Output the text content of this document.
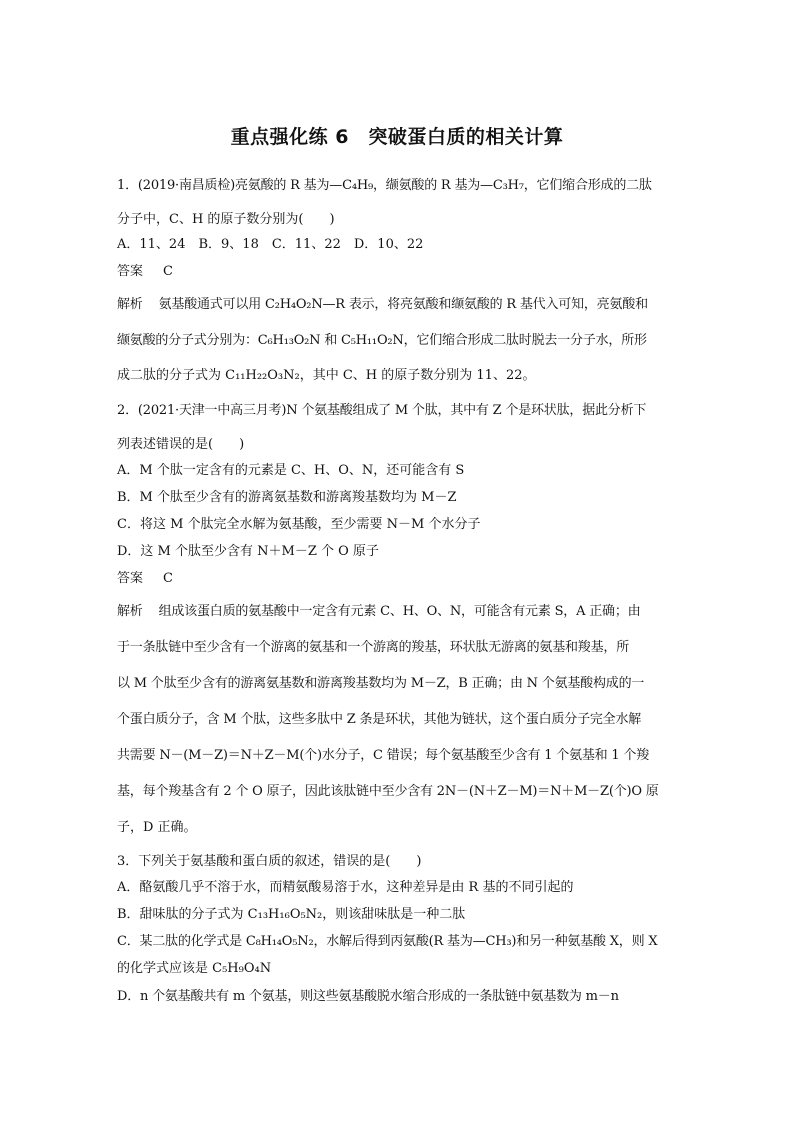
重点强化练 6　突破蛋白质的相关计算
1．(2019·南昌质检)亮氨酸的 R 基为—C₄H₉，缬氨酸的 R 基为—C₃H₇，它们缩合形成的二肽
分子中，C、H 的原子数分别为(　　)
A．11、24　B．9、18　C．11、22　D．10、22
答案 C
解析 氨基酸通式可以用 C₂H₄O₂N—R 表示，将亮氨酸和缬氨酸的 R 基代入可知，亮氨酸和
缬氨酸的分子式分别为：C₆H₁₃O₂N 和 C₅H₁₁O₂N，它们缩合形成二肽时脱去一分子水，所形
成二肽的分子式为 C₁₁H₂₂O₃N₂，其中 C、H 的原子数分别为 11、22。
2．(2021·天津一中高三月考)N 个氨基酸组成了 M 个肽，其中有 Z 个是环状肽，据此分析下
列表述错误的是(　　)
A．M 个肽一定含有的元素是 C、H、O、N，还可能含有 S
B．M 个肽至少含有的游离氨基数和游离羧基数均为 M－Z
C．将这 M 个肽完全水解为氨基酸，至少需要 N－M 个水分子
D．这 M 个肽至少含有 N＋M－Z 个 O 原子
答案 C
解析 组成该蛋白质的氨基酸中一定含有元素 C、H、O、N，可能含有元素 S，A 正确；由
于一条肽链中至少含有一个游离的氨基和一个游离的羧基，环状肽无游离的氨基和羧基，所
以 M 个肽至少含有的游离氨基数和游离羧基数均为 M－Z，B 正确；由 N 个氨基酸构成的一
个蛋白质分子，含 M 个肽，这些多肽中 Z 条是环状，其他为链状，这个蛋白质分子完全水解
共需要 N－(M－Z)＝N＋Z－M(个)水分子，C 错误；每个氨基酸至少含有 1 个氨基和 1 个羧
基，每个羧基含有 2 个 O 原子，因此该肽链中至少含有 2N－(N＋Z－M)＝N＋M－Z(个)O 原
子，D 正确。
3．下列关于氨基酸和蛋白质的叙述，错误的是(　　)
A．酪氨酸几乎不溶于水，而精氨酸易溶于水，这种差异是由 R 基的不同引起的
B．甜味肽的分子式为 C₁₃H₁₆O₅N₂，则该甜味肽是一种二肽
C．某二肽的化学式是 C₈H₁₄O₅N₂，水解后得到丙氨酸(R 基为—CH₃)和另一种氨基酸 X，则 X
的化学式应该是 C₅H₉O₄N
D．n 个氨基酸共有 m 个氨基，则这些氨基酸脱水缩合形成的一条肽链中氨基数为 m－n
